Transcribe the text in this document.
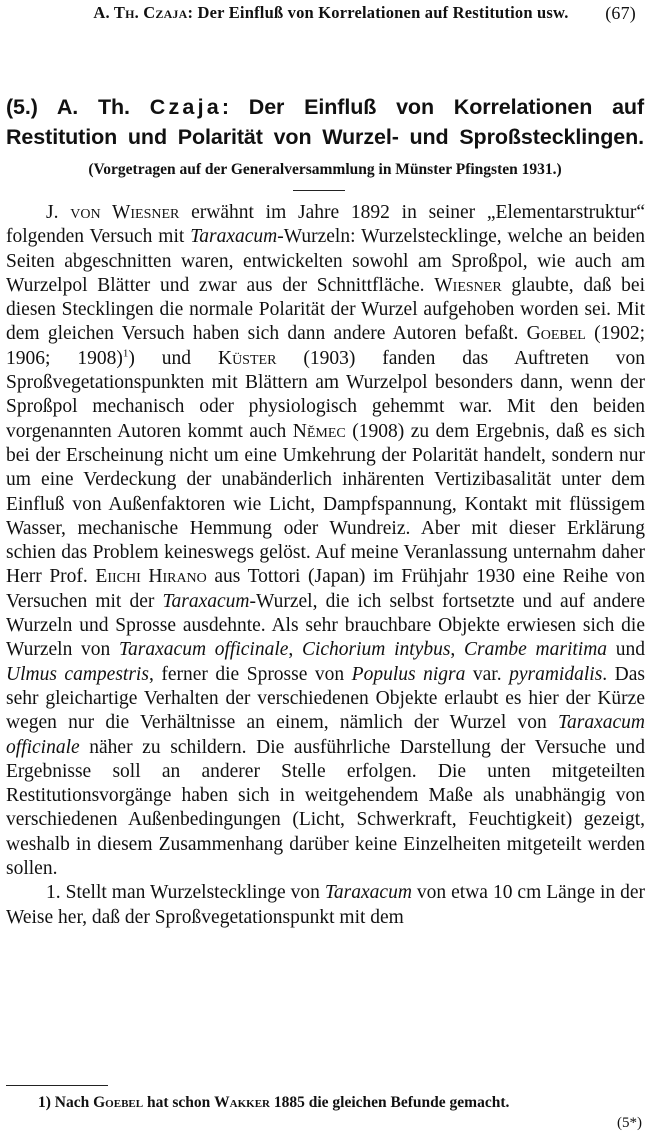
A. Th. Czaja: Der Einfluß von Korrelationen auf Restitution usw. (67)
(5.) A. Th. Czaja: Der Einfluß von Korrelationen auf Restitution und Polarität von Wurzel- und Sproßstecklingen.
(Vorgetragen auf der Generalversammlung in Münster Pfingsten 1931.)

J. von Wiesner erwähnt im Jahre 1892 in seiner „Elementarstruktur“ folgenden Versuch mit Taraxacum-Wurzeln: Wurzelstecklinge, welche an beiden Seiten abgeschnitten waren, entwickelten sowohl am Sproßpol, wie auch am Wurzelpol Blätter und zwar aus der Schnittfläche. Wiesner glaubte, daß bei diesen Stecklingen die normale Polarität der Wurzel aufgehoben worden sei. Mit dem gleichen Versuch haben sich dann andere Autoren befaßt. Goebel (1902; 1906; 1908)$^1$) und Küster (1903) fanden das Auftreten von Sproßvegetationspunkten mit Blättern am Wurzelpol besonders dann, wenn der Sproßpol mechanisch oder physiologisch gehemmt war. Mit den beiden vorgenannten Autoren kommt auch Němec (1908) zu dem Ergebnis, daß es sich bei der Erscheinung nicht um eine Umkehrung der Polarität handelt, sondern nur um eine Verdeckung der unabänderlich inhärenten Vertizibasalität unter dem Einfluß von Außenfaktoren wie Licht, Dampfspannung, Kontakt mit flüssigem Wasser, mechanische Hemmung oder Wundreiz. Aber mit dieser Erklärung schien das Problem keineswegs gelöst. Auf meine Veranlassung unternahm daher Herr Prof. Eiichi Hirano aus Tottori (Japan) im Frühjahr 1930 eine Reihe von Versuchen mit der Taraxacum-Wurzel, die ich selbst fortsetzte und auf andere Wurzeln und Sprosse ausdehnte. Als sehr brauchbare Objekte erwiesen sich die Wurzeln von Taraxacum officinale, Cichorium intybus, Crambe maritima und Ulmus campestris, ferner die Sprosse von Populus nigra var. pyramidalis. Das sehr gleichartige Verhalten der verschiedenen Objekte erlaubt es hier der Kürze wegen nur die Verhältnisse an einem, nämlich der Wurzel von Taraxacum officinale näher zu schildern. Die ausführliche Darstellung der Versuche und Ergebnisse soll an anderer Stelle erfolgen. Die unten mitgeteilten Restitutionsvorgänge haben sich in weitgehendem Maße als unabhängig von verschiedenen Außenbedingungen (Licht, Schwerkraft, Feuchtigkeit) gezeigt, weshalb in diesem Zusammenhang darüber keine Einzelheiten mitgeteilt werden sollen.

1. Stellt man Wurzelstecklinge von Taraxacum von etwa 10 cm Länge in der Weise her, daß der Sproßvegetationspunkt mit dem

1) Nach Goebel hat schon Wakker 1885 die gleichen Befunde gemacht.
(5*)
